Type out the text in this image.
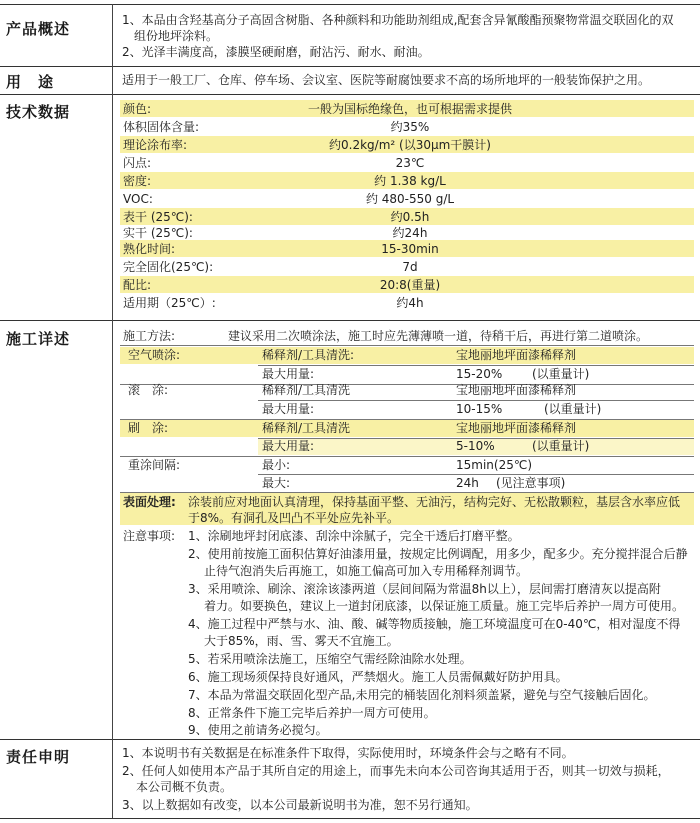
产品概述	1、本品由含羟基高分子高固含树脂、各种颜料和功能助剂组成,配套含异氰酸酯预聚物常温交联固化的双
组份地坪涂料。
2、光泽丰满度高，漆膜坚硬耐磨，耐沾污、耐水、耐油。
用　途	适用于一般工厂、仓库、停车场、会议室、医院等耐腐蚀要求不高的场所地坪的一般装饰保护之用。
技术数据	颜色:	一般为国标绝缘色，也可根据需求提供
体积固体含量:	约35%
理论涂布率:	约0.2kg/m² (以30μm干膜计)
闪点:	23℃
密度:	约 1.38 kg/L
VOC:	约 480-550 g/L
表干 (25℃):	约0.5h
实干 (25℃):	约24h
熟化时间:	15-30min
完全固化(25℃):	7d
配比:	20:8(重量)
适用期（25℃）:	约4h
施工详述	施工方法:	建议采用二次喷涂法，施工时应先薄薄喷一道，待稍干后，再进行第二道喷涂。
空气喷涂:	稀释剂/工具清洗:	宝地丽地坪面漆稀释剂
最大用量:	15-20% (以重量计)
滚　涂:	稀释剂/工具清洗	宝地丽地坪面漆稀释剂
最大用量:	10-15%	(以重量计)
刷　涂:	稀释剂/工具清洗	宝地丽地坪面漆稀释剂
最大用量:	5-10%	(以重量计)
重涂间隔:	最小:	15min(25℃)
最大:	24h (见注意事项)
表面处理: 涂装前应对地面认真清理，保持基面平整、无油污，结构完好、无松散颗粒，基层含水率应低
于8%。有洞孔及凹凸不平处应先补平。
注意事项: 1、涂刷地坪封闭底漆、刮涂中涂腻子，完全干透后打磨平整。
2、使用前按施工面积估算好油漆用量，按规定比例调配，用多少，配多少。充分搅拌混合后静
止待气泡消失后再施工，如施工偏高可加入专用稀释剂调节。
3、采用喷涂、刷涂、滚涂该漆两道（层间间隔为常温8h以上），层间需打磨清灰以提高附
着力。如要换色，建议上一道封闭底漆，以保证施工质量。施工完毕后养护一周方可使用。
4、施工过程中严禁与水、油、酸、碱等物质接触，施工环境温度可在0-40℃，相对湿度不得
大于85%，雨、雪、雾天不宜施工。
5、若采用喷涂法施工，压缩空气需经除油除水处理。
6、施工现场须保持良好通风，严禁烟火。施工人员需佩戴好防护用具。
7、本品为常温交联固化型产品,未用完的桶装固化剂料须盖紧，避免与空气接触后固化。
8、正常条件下施工完毕后养护一周方可使用。
9、使用之前请务必搅匀。
责任申明	1、本说明书有关数据是在标准条件下取得，实际使用时，环境条件会与之略有不同。
2、任何人如使用本产品于其所自定的用途上，而事先未向本公司咨询其适用于否，则其一切效与损耗，
本公司概不负责。
3、以上数据如有改变，以本公司最新说明书为准，恕不另行通知。
